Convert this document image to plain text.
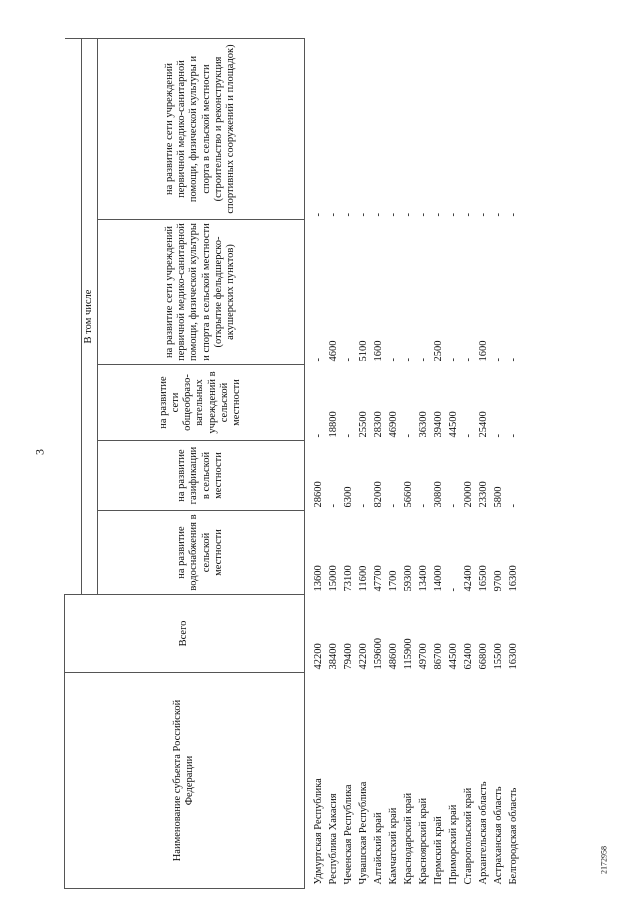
3
2172958
Наименование субъекта Российской Федерации	Всего					
		В том числе				
		на развитие водоснабжения в сельской местности	на развитие газификации в сельской местности	на развитие сети общеобразо-вательных учреждений в сельской местности	на развитие сети учреждений первичной медико-санитарной помощи, физической культуры и спорта в сельской местности (открытие фельдшерско-акушерских пунктов)	на развитие сети учреждений первичной медико-санитарной помощи, физической культуры и спорта в сельской местности (строительство и реконструкция спортивных сооружений и площадок)

Удмуртская Республика	42200	13600	28600	-	-	-
Республика Хакасия	38400	15000	-	18800	4600	-
Чеченская Республика	79400	73100	6300	-	-	-
Чувашская Республика	42200	11600	-	25500	5100	-
Алтайский край	159600	47700	82000	28300	1600	-
Камчатский край	48600	1700	-	46900	-	-
Краснодарский край	115900	59300	56600	-	-	-
Красноярский край	49700	13400	-	36300	-	-
Пермский край	86700	14000	30800	39400	2500	-
Приморский край	44500	-	-	44500	-	-
Ставропольский край	62400	42400	20000	-	-	-
Архангельская область	66800	16500	23300	25400	1600	-
Астраханская область	15500	9700	5800	-	-	-
Белгородская область	16300	16300	-	-	-	-
